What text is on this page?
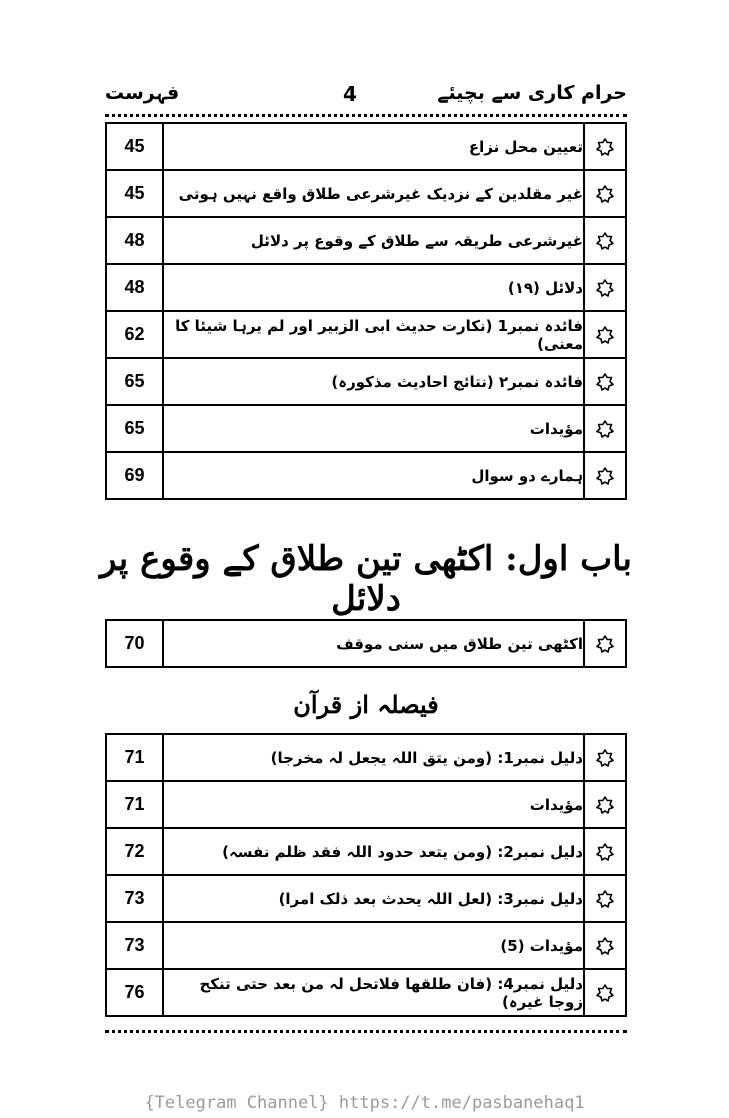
حرام کاری سے بچیئے
4
فہرست
45	تعیین محل نزاع	

45	غیر مقلدین کے نزدیک غیرشرعی طلاق واقع نہیں ہوتی	

48	غیرشرعی طریقہ سے طلاق کے وقوع پر دلائل	

48	دلائل (۱۹)	

62	فائدہ نمبر1 (نکارت حدیث ابی الزبیر اور لم یرہا شیئا کا معنی)	

65	فائدہ نمبر۲ (نتائج احادیث مذکورہ)	

65	مؤیدات	

69	ہمارے دو سوال	
باب اول: اکٹھی تین طلاق کے وقوع پر دلائل
70	اکٹھی تین طلاق میں سنی موقف	
فیصلہ از قرآن
71	دلیل نمبر1: (ومن یتق اللہ یجعل لہ مخرجا)	

71	مؤیدات	

72	دلیل نمبر2: (ومن یتعد حدود اللہ فقد ظلم نفسہ)	

73	دلیل نمبر3: (لعل اللہ یحدث بعد ذلک امرا)	

73	مؤیدات (5)	

76	دلیل نمبر4: (فان طلقھا فلاتحل لہ من بعد حتی تنکح زوجا غیرہ)	
{Telegram Channel} https://t.me/pasbanehaq1
